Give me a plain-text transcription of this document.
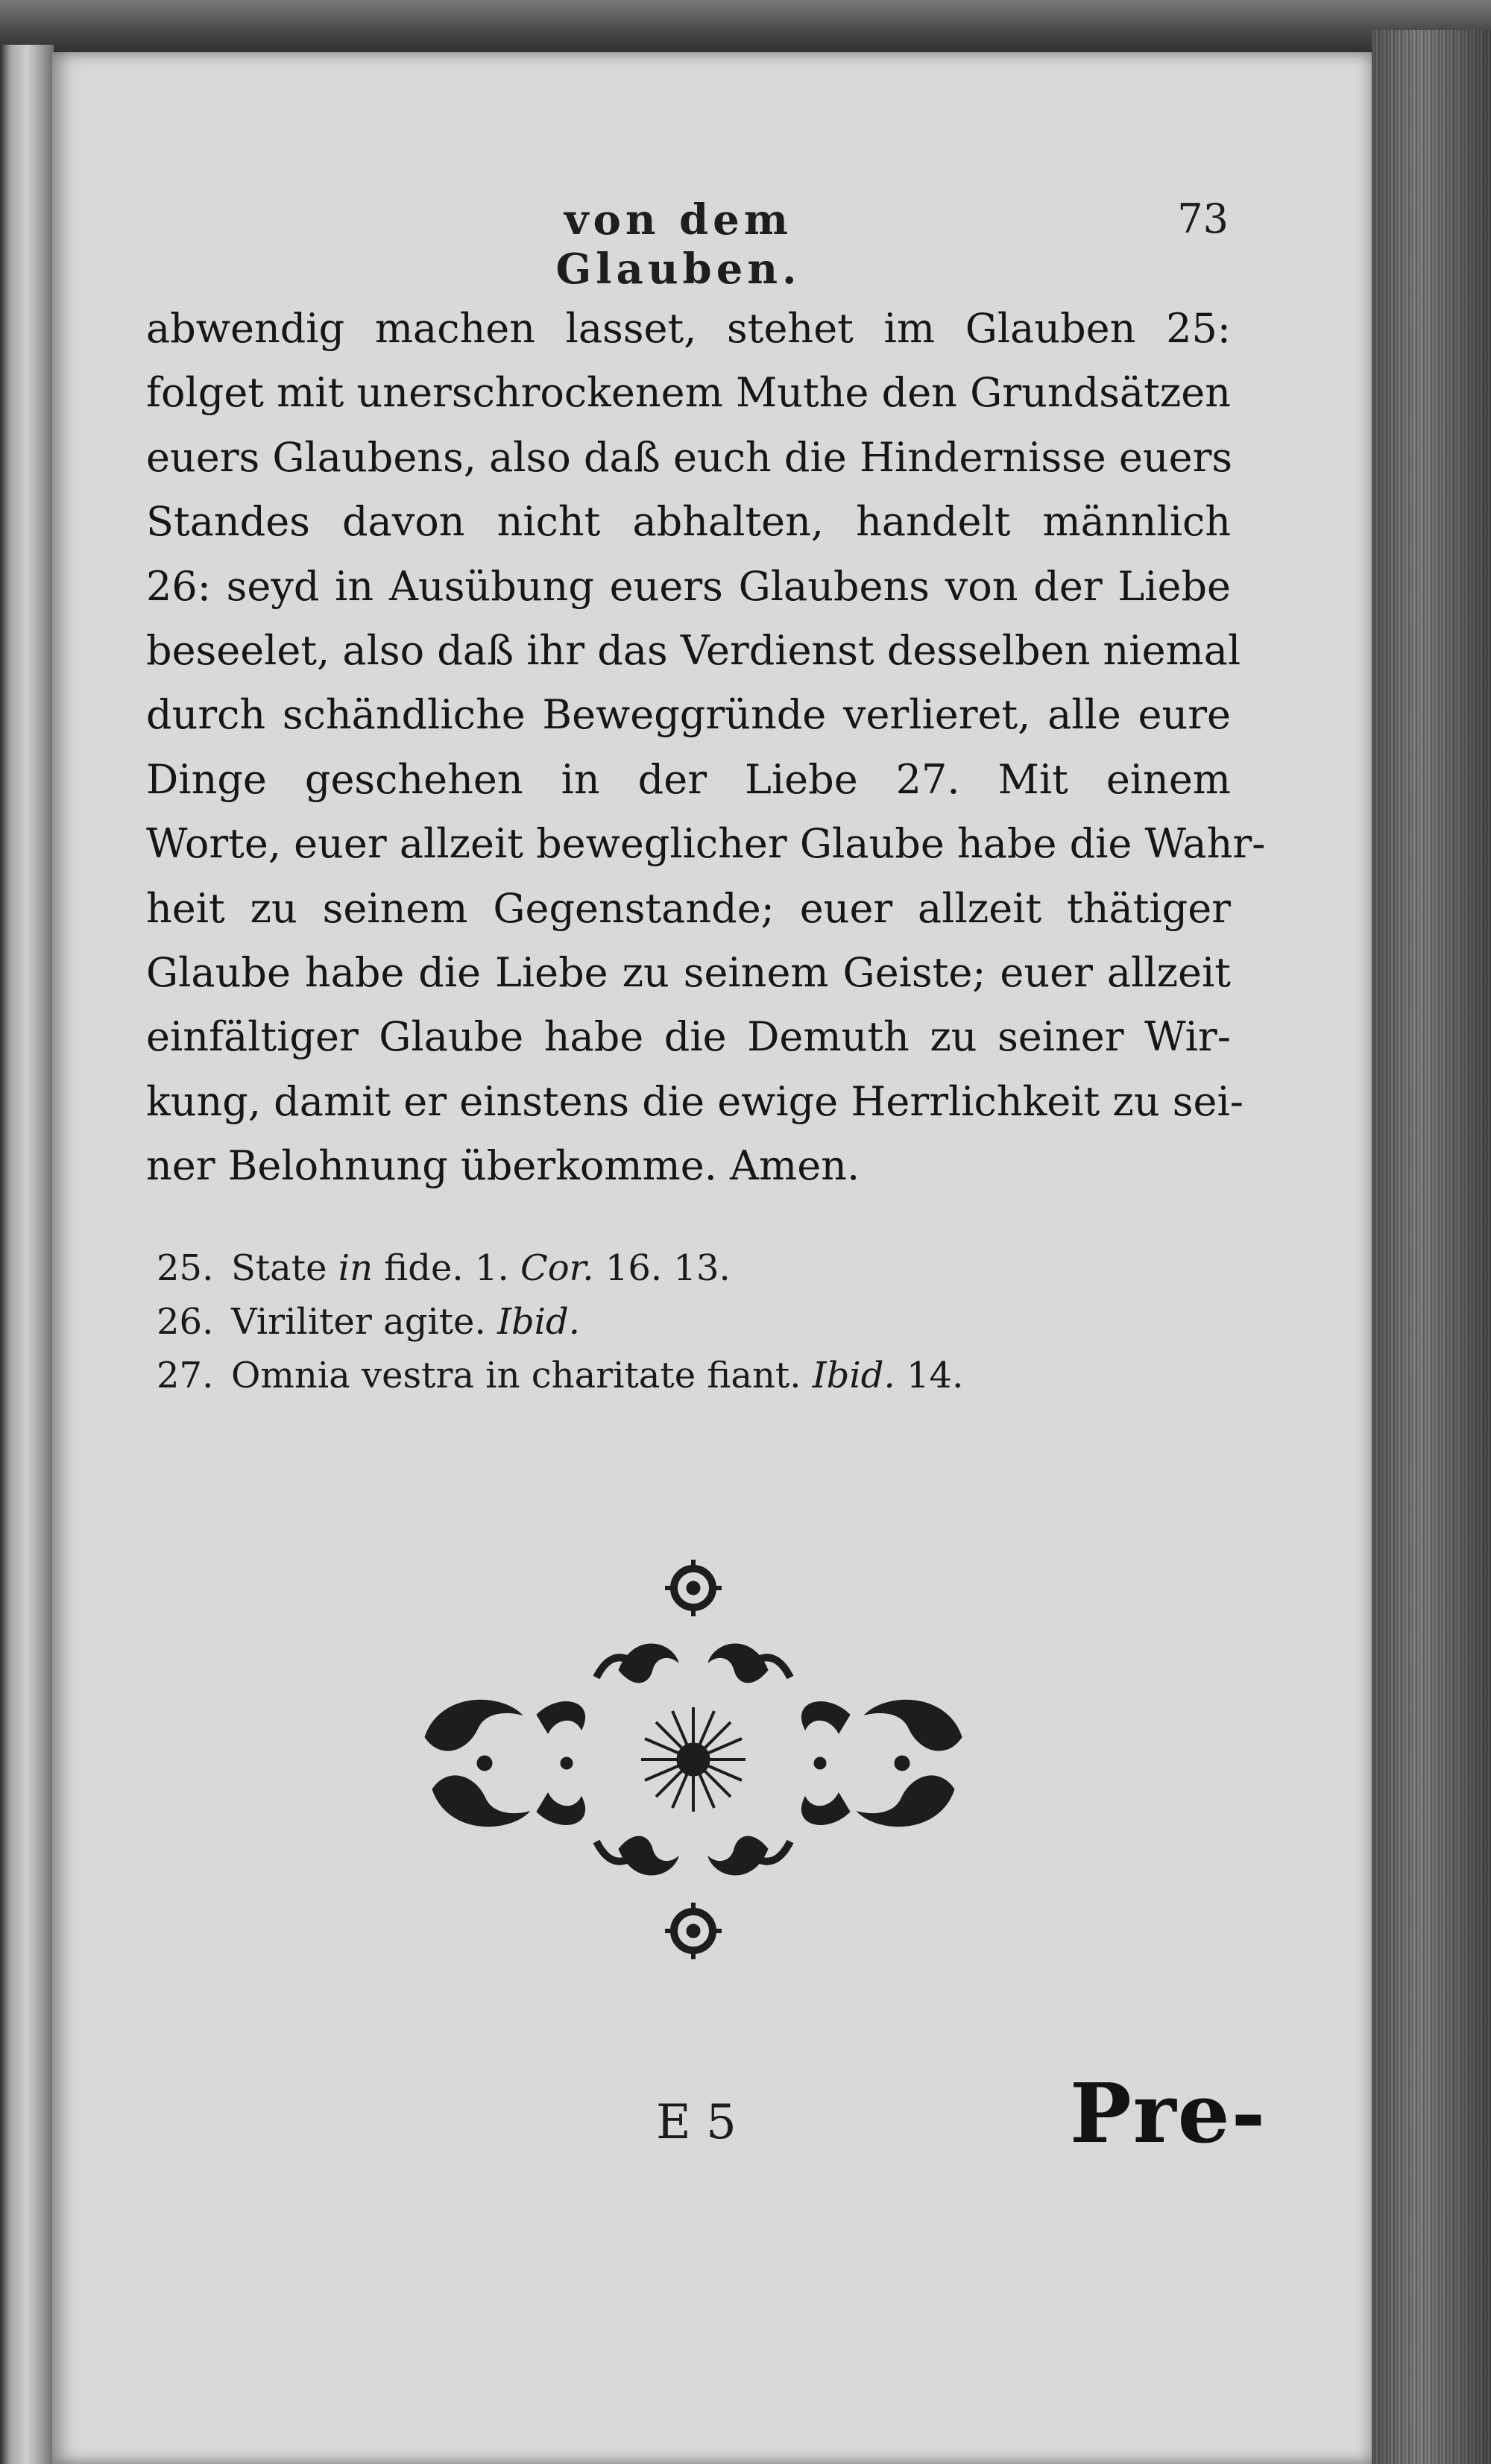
von dem Glauben.
73
abwendig machen lasset, stehet im Glauben 25:
folget mit unerschrockenem Muthe den Grundsätzen
euers Glaubens, also daß euch die Hindernisse euers
Standes davon nicht abhalten, handelt männlich
26: seyd in Ausübung euers Glaubens von der Liebe
beseelet, also daß ihr das Verdienst desselben niemal
durch schändliche Beweggründe verlieret, alle eure
Dinge geschehen in der Liebe 27. Mit einem
Worte, euer allzeit beweglicher Glaube habe die Wahr-
heit zu seinem Gegenstande; euer allzeit thätiger
Glaube habe die Liebe zu seinem Geiste; euer allzeit
einfältiger Glaube habe die Demuth zu seiner Wir-
kung, damit er einstens die ewige Herrlichkeit zu sei-
ner Belohnung überkomme. Amen.
25. State in fide. 1. Cor. 16. 13.
26. Viriliter agite. Ibid.
27. Omnia vestra in charitate fiant. Ibid. 14.
E 5	Pre-
